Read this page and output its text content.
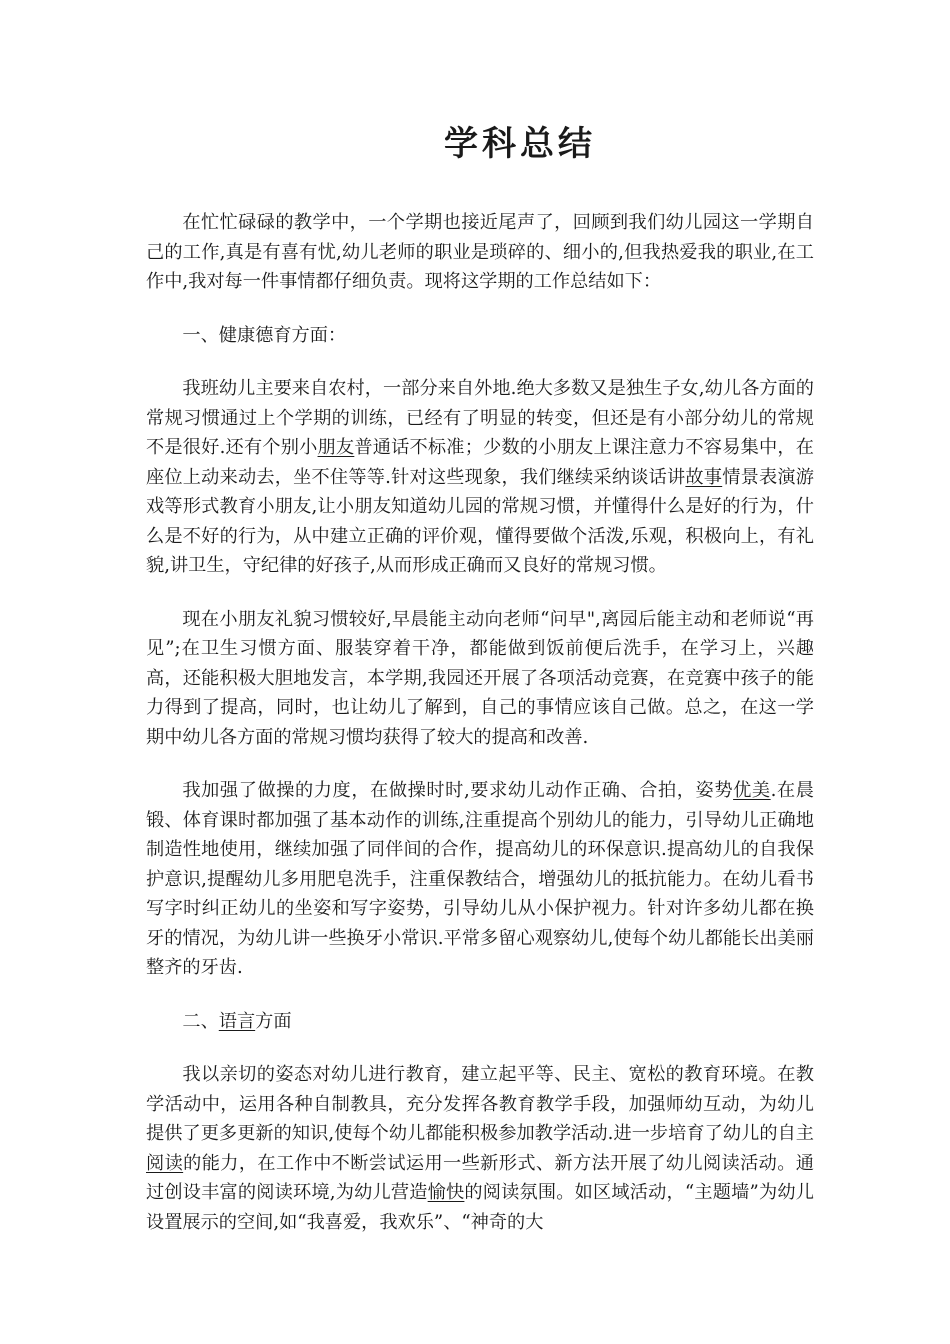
学科总结

在忙忙碌碌的教学中，一个学期也接近尾声了，回顾到我们幼儿园这一学期自己的工作,真是有喜有忧,幼儿老师的职业是琐碎的、细小的,但我热爱我的职业,在工作中,我对每一件事情都仔细负责。现将这学期的工作总结如下：

一、健康德育方面：

我班幼儿主要来自农村，一部分来自外地.绝大多数又是独生子女,幼儿各方面的常规习惯通过上个学期的训练，已经有了明显的转变，但还是有小部分幼儿的常规不是很好.还有个别小朋友普通话不标准；少数的小朋友上课注意力不容易集中，在座位上动来动去，坐不住等等.针对这些现象，我们继续采纳谈话讲故事情景表演游戏等形式教育小朋友,让小朋友知道幼儿园的常规习惯，并懂得什么是好的行为，什么是不好的行为，从中建立正确的评价观，懂得要做个活泼,乐观，积极向上，有礼貌,讲卫生，守纪律的好孩子,从而形成正确而又良好的常规习惯。

现在小朋友礼貌习惯较好,早晨能主动向老师“问早",离园后能主动和老师说“再见”;在卫生习惯方面、服装穿着干净，都能做到饭前便后洗手，在学习上，兴趣高，还能积极大胆地发言，本学期,我园还开展了各项活动竞赛，在竞赛中孩子的能力得到了提高，同时，也让幼儿了解到，自己的事情应该自己做。总之，在这一学期中幼儿各方面的常规习惯均获得了较大的提高和改善.

我加强了做操的力度，在做操时时,要求幼儿动作正确、合拍，姿势优美.在晨锻、体育课时都加强了基本动作的训练,注重提高个别幼儿的能力，引导幼儿正确地制造性地使用，继续加强了同伴间的合作，提高幼儿的环保意识.提高幼儿的自我保护意识,提醒幼儿多用肥皂洗手，注重保教结合，增强幼儿的抵抗能力。在幼儿看书写字时纠正幼儿的坐姿和写字姿势，引导幼儿从小保护视力。针对许多幼儿都在换牙的情况，为幼儿讲一些换牙小常识.平常多留心观察幼儿,使每个幼儿都能长出美丽整齐的牙齿.

二、语言方面

我以亲切的姿态对幼儿进行教育，建立起平等、民主、宽松的教育环境。在教学活动中，运用各种自制教具，充分发挥各教育教学手段，加强师幼互动，为幼儿提供了更多更新的知识,使每个幼儿都能积极参加教学活动.进一步培育了幼儿的自主阅读的能力，在工作中不断尝试运用一些新形式、新方法开展了幼儿阅读活动。通过创设丰富的阅读环境,为幼儿营造愉快的阅读氛围。如区域活动，“主题墙”为幼儿设置展示的空间,如“我喜爱，我欢乐”、“神奇的大
